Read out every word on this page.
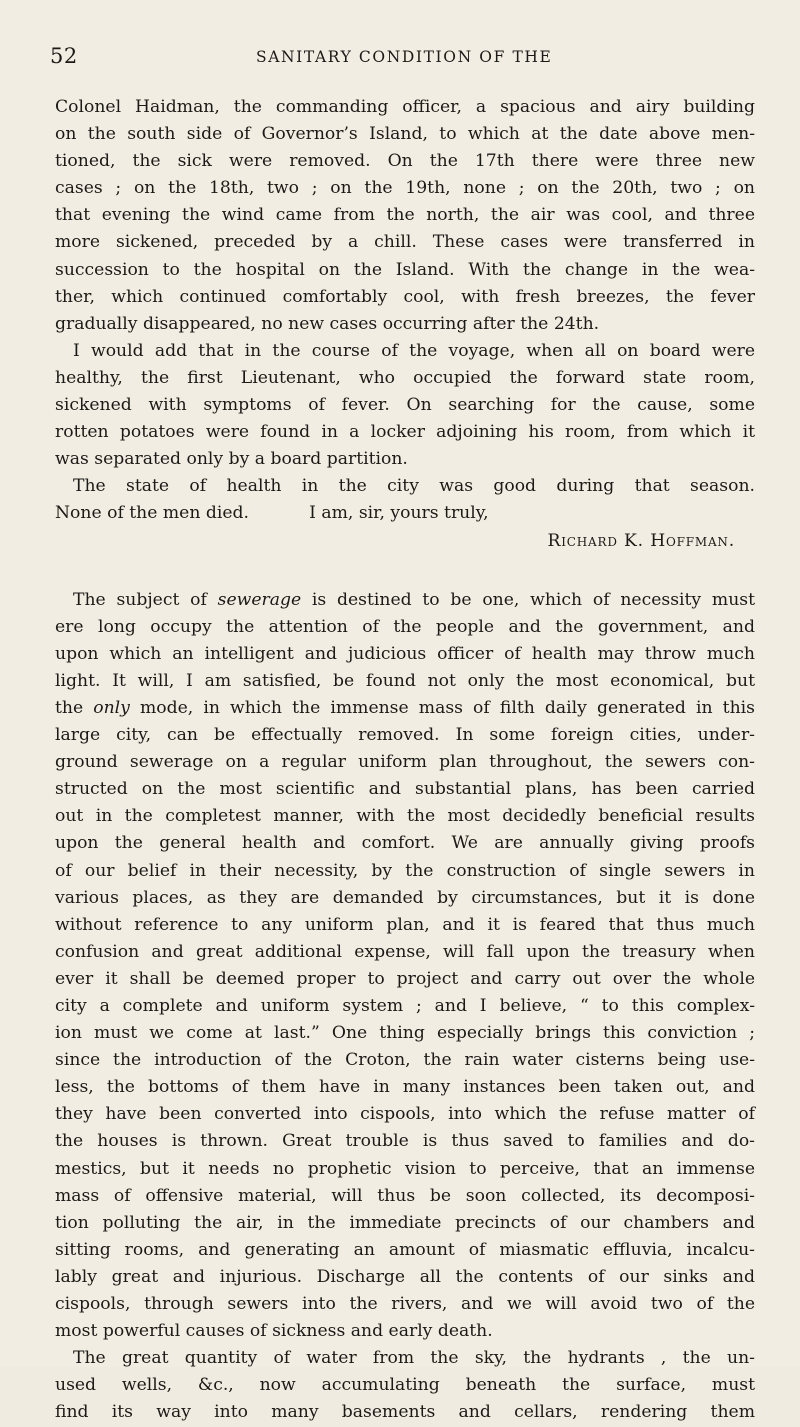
52	SANITARY CONDITION OF THE
Colonel Haidman, the commanding officer, a spacious and airy building
on the south side of Governor’s Island, to which at the date above men-
tioned, the sick were removed. On the 17th there were three new
cases ; on the 18th, two ; on the 19th, none ; on the 20th, two ; on
that evening the wind came from the north, the air was cool, and three
more sickened, preceded by a chill. These cases were transferred in
succession to the hospital on the Island. With the change in the wea-
ther, which continued comfortably cool, with fresh breezes, the fever
gradually disappeared, no new cases occurring after the 24th.
I would add that in the course of the voyage, when all on board were
healthy, the first Lieutenant, who occupied the forward state room,
sickened with symptoms of fever. On searching for the cause, some
rotten potatoes were found in a locker adjoining his room, from which it
was separated only by a board partition.
The state of health in the city was good during that season.
None of the men died.           I am, sir, yours truly,
Richard K. Hoffman.
The subject of sewerage is destined to be one, which of necessity must
ere long occupy the attention of the people and the government, and
upon which an intelligent and judicious officer of health may throw much
light. It will, I am satisfied, be found not only the most economical, but
the only mode, in which the immense mass of filth daily generated in this
large city, can be effectually removed. In some foreign cities, under-
ground sewerage on a regular uniform plan throughout, the sewers con-
structed on the most scientific and substantial plans, has been carried
out in the completest manner, with the most decidedly beneficial results
upon the general health and comfort. We are annually giving proofs
of our belief in their necessity, by the construction of single sewers in
various places, as they are demanded by circumstances, but it is done
without reference to any uniform plan, and it is feared that thus much
confusion and great additional expense, will fall upon the treasury when
ever it shall be deemed proper to project and carry out over the whole
city a complete and uniform system ; and I believe, “ to this complex-
ion must we come at last.” One thing especially brings this conviction ;
since the introduction of the Croton, the rain water cisterns being use-
less, the bottoms of them have in many instances been taken out, and
they have been converted into cispools, into which the refuse matter of
the houses is thrown. Great trouble is thus saved to families and do-
mestics, but it needs no prophetic vision to perceive, that an immense
mass of offensive material, will thus be soon collected, its decomposi-
tion polluting the air, in the immediate precincts of our chambers and
sitting rooms, and generating an amount of miasmatic effluvia, incalcu-
lably great and injurious. Discharge all the contents of our sinks and
cispools, through sewers into the rivers, and we will avoid two of the
most powerful causes of sickness and early death.
The great quantity of water from the sky, the hydrants , the un-
used wells, &c., now accumulating beneath the surface, must
find its way into many basements and cellars, rendering them
